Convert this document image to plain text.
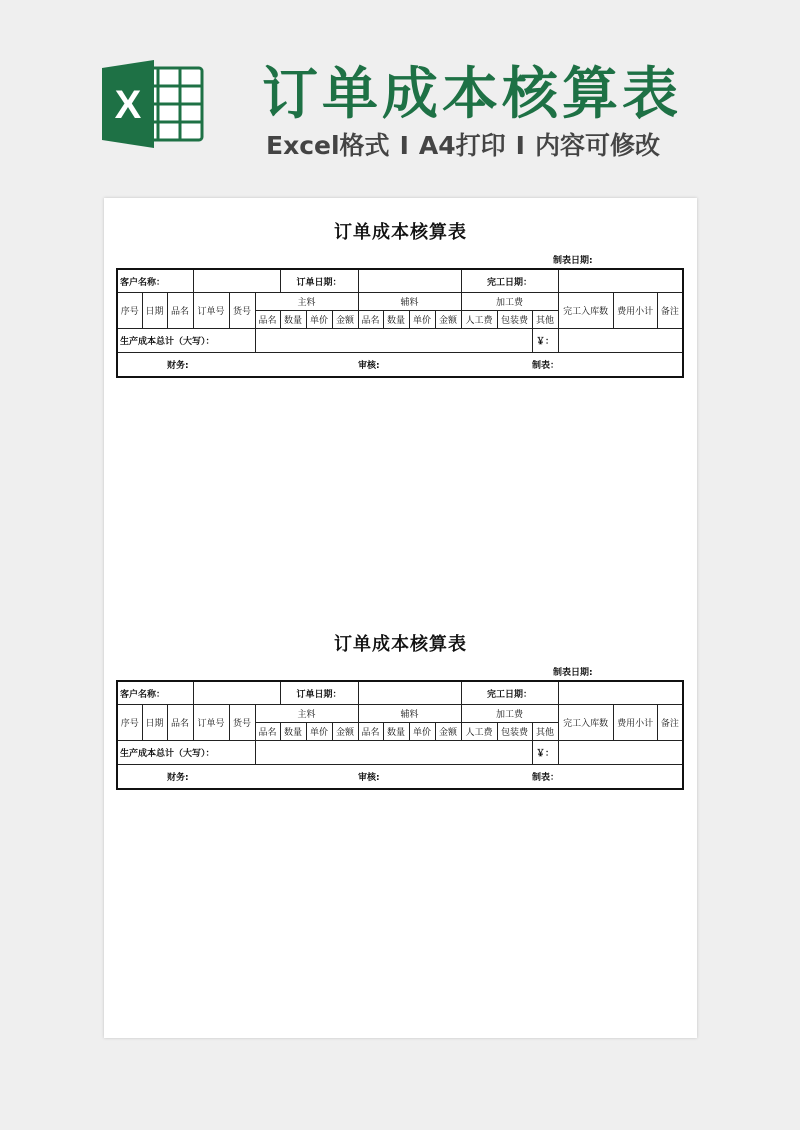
X 订单成本核算表
Excel格式 I A4打印 I 内容可修改
订单成本核算表
制表日期:
客户名称：						订单日期：							完工日期：					
序号	日期	品名	订单号	货号	主料				辅料				加工费			完工入库数	费用小计	备注
					品名	数量	单价	金额	品名	数量	单价	金额	人工费	包装费	其他			
生产成本总计（大写）：															￥：			
		财务:							审核:						制表：			
订单成本核算表
制表日期:
客户名称：						订单日期：							完工日期：					
序号	日期	品名	订单号	货号	主料				辅料				加工费			完工入库数	费用小计	备注
					品名	数量	单价	金额	品名	数量	单价	金额	人工费	包装费	其他			
生产成本总计（大写）：															￥：			
		财务:							审核:						制表：			
